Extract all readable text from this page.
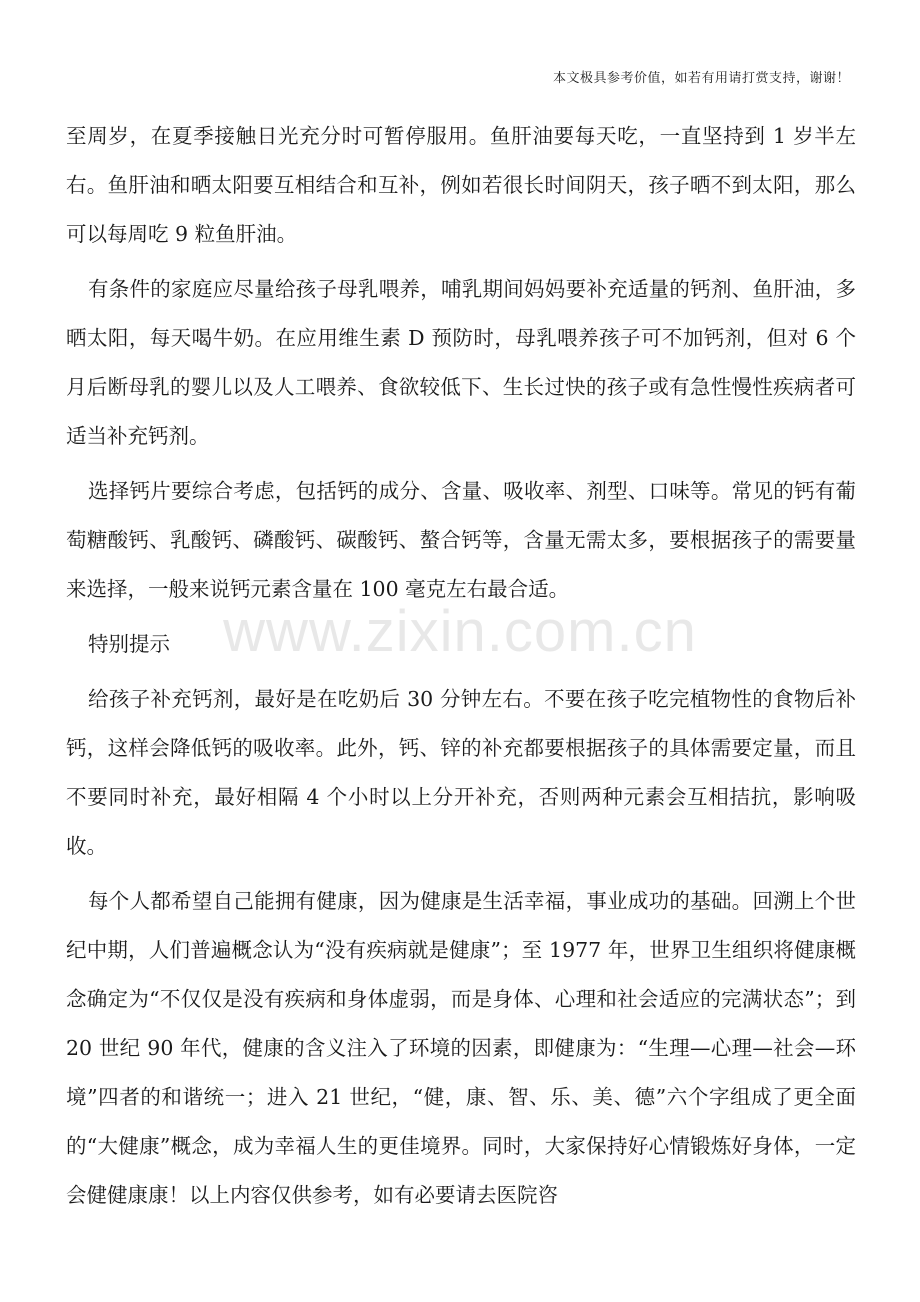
本文极具参考价值，如若有用请打赏支持，谢谢！
www.zixin.com.cn

至周岁，在夏季接触日光充分时可暂停服用。鱼肝油要每天吃，一直坚持到 1 岁半左右。鱼肝油和晒太阳要互相结合和互补，例如若很长时间阴天，孩子晒不到太阳，那么可以每周吃 9 粒鱼肝油。

有条件的家庭应尽量给孩子母乳喂养，哺乳期间妈妈要补充适量的钙剂、鱼肝油，多晒太阳，每天喝牛奶。在应用维生素 D 预防时，母乳喂养孩子可不加钙剂，但对 6 个月后断母乳的婴儿以及人工喂养、食欲较低下、生长过快的孩子或有急性慢性疾病者可适当补充钙剂。

选择钙片要综合考虑，包括钙的成分、含量、吸收率、剂型、口味等。常见的钙有葡萄糖酸钙、乳酸钙、磷酸钙、碳酸钙、螯合钙等，含量无需太多，要根据孩子的需要量来选择，一般来说钙元素含量在 100 毫克左右最合适。

特别提示

给孩子补充钙剂，最好是在吃奶后 30 分钟左右。不要在孩子吃完植物性的食物后补钙，这样会降低钙的吸收率。此外，钙、锌的补充都要根据孩子的具体需要定量，而且不要同时补充，最好相隔 4 个小时以上分开补充，否则两种元素会互相拮抗，影响吸收。

每个人都希望自己能拥有健康，因为健康是生活幸福，事业成功的基础。回溯上个世纪中期，人们普遍概念认为“没有疾病就是健康”；至 1977 年，世界卫生组织将健康概念确定为“不仅仅是没有疾病和身体虚弱，而是身体、心理和社会适应的完满状态”；到 20 世纪 90 年代，健康的含义注入了环境的因素，即健康为：“生理—心理—社会—环境”四者的和谐统一；进入 21 世纪，“健，康、智、乐、美、德”六个字组成了更全面的“大健康”概念，成为幸福人生的更佳境界。同时，大家保持好心情锻炼好身体，一定会健健康康！以上内容仅供参考，如有必要请去医院咨
